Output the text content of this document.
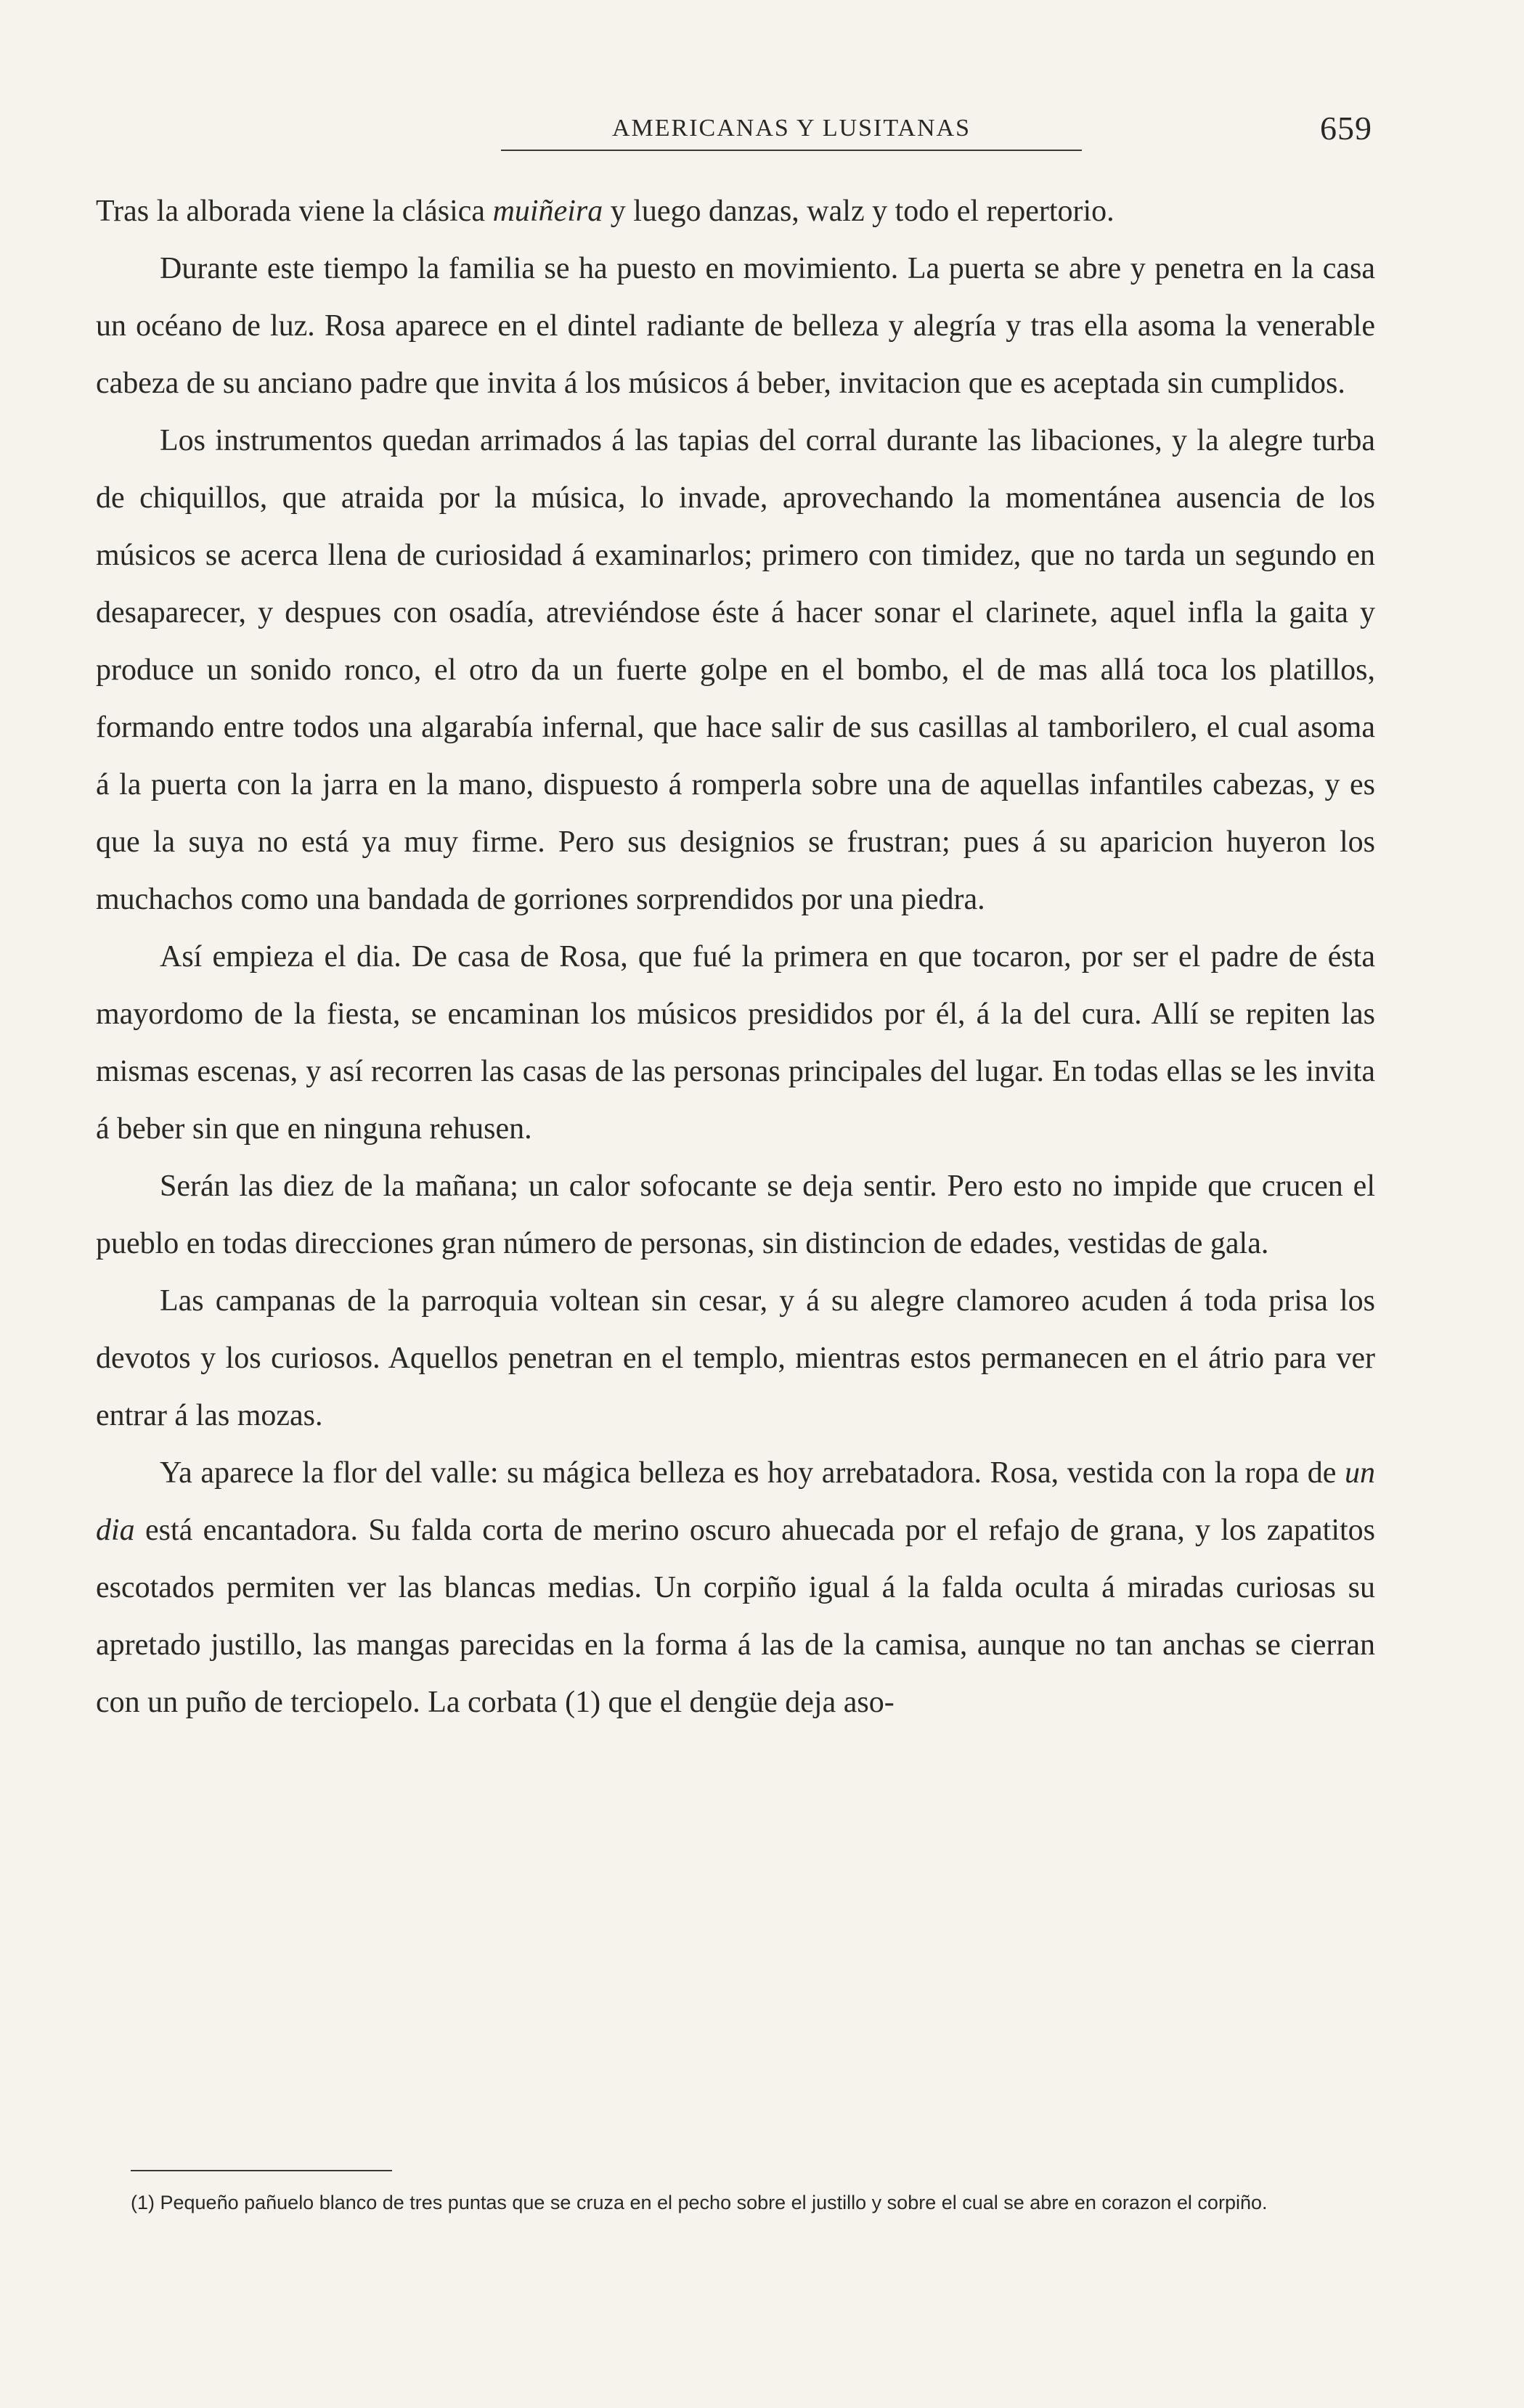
AMERICANAS Y LUSITANAS	659

Tras la alborada viene la clásica muiñeira y luego danzas, walz y todo el repertorio.

Durante este tiempo la familia se ha puesto en movimiento. La puerta se abre y penetra en la casa un océano de luz. Rosa aparece en el dintel radiante de belleza y alegría y tras ella asoma la venerable cabeza de su anciano padre que invita á los músicos á beber, invitacion que es aceptada sin cumplidos.

Los instrumentos quedan arrimados á las tapias del corral durante las libaciones, y la alegre turba de chiquillos, que atraida por la música, lo invade, aprovechando la momentánea ausencia de los músicos se acerca llena de curiosidad á examinarlos; primero con timidez, que no tarda un segundo en desaparecer, y despues con osadía, atreviéndose éste á hacer sonar el clarinete, aquel infla la gaita y produce un sonido ronco, el otro da un fuerte golpe en el bombo, el de mas allá toca los platillos, formando entre todos una algarabía infernal, que hace salir de sus casillas al tamborilero, el cual asoma á la puerta con la jarra en la mano, dispuesto á romperla sobre una de aquellas infantiles cabezas, y es que la suya no está ya muy firme. Pero sus designios se frustran; pues á su aparicion huyeron los muchachos como una bandada de gorriones sorprendidos por una piedra.

Así empieza el dia. De casa de Rosa, que fué la primera en que tocaron, por ser el padre de ésta mayordomo de la fiesta, se encaminan los músicos presididos por él, á la del cura. Allí se repiten las mismas escenas, y así recorren las casas de las personas principales del lugar. En todas ellas se les invita á beber sin que en ninguna rehusen.

Serán las diez de la mañana; un calor sofocante se deja sentir. Pero esto no impide que crucen el pueblo en todas direcciones gran número de personas, sin distincion de edades, vestidas de gala.

Las campanas de la parroquia voltean sin cesar, y á su alegre clamoreo acuden á toda prisa los devotos y los curiosos. Aquellos penetran en el templo, mientras estos permanecen en el átrio para ver entrar á las mozas.

Ya aparece la flor del valle: su mágica belleza es hoy arrebatadora. Rosa, vestida con la ropa de un dia está encantadora. Su falda corta de merino oscuro ahuecada por el refajo de grana, y los zapatitos escotados permiten ver las blancas medias. Un corpiño igual á la falda oculta á miradas curiosas su apretado justillo, las mangas parecidas en la forma á las de la camisa, aunque no tan anchas se cierran con un puño de terciopelo. La corbata (1) que el dengüe deja aso-

(1) Pequeño pañuelo blanco de tres puntas que se cruza en el pecho sobre el justillo y sobre el cual se abre en corazon el corpiño.
